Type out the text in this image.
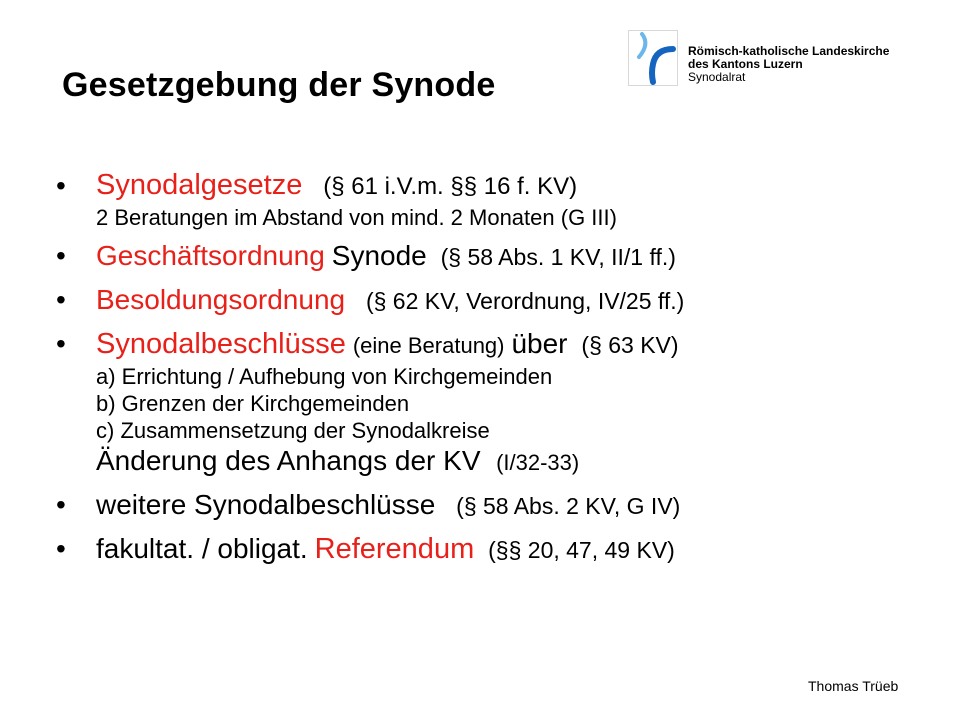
Gesetzgebung der Synode
Römisch-katholische Landeskirche
des Kantons Luzern
Synodalrat
• Synodalgesetze (§ 61 i.V.m. §§ 16 f. KV)
2 Beratungen im Abstand von mind. 2 Monaten (G III)
• Geschäftsordnung Synode (§ 58 Abs. 1 KV, II/1 ff.)
• Besoldungsordnung (§ 62 KV, Verordnung, IV/25 ff.)
• Synodalbeschlüsse (eine Beratung) über (§ 63 KV)
a) Errichtung / Aufhebung von Kirchgemeinden
b) Grenzen der Kirchgemeinden
c) Zusammensetzung der Synodalkreise
Änderung des Anhangs der KV (I/32-33)
• weitere Synodalbeschlüsse (§ 58 Abs. 2 KV, G IV)
• fakultat. / obligat. Referendum (§§ 20, 47, 49 KV)
Thomas Trüeb
